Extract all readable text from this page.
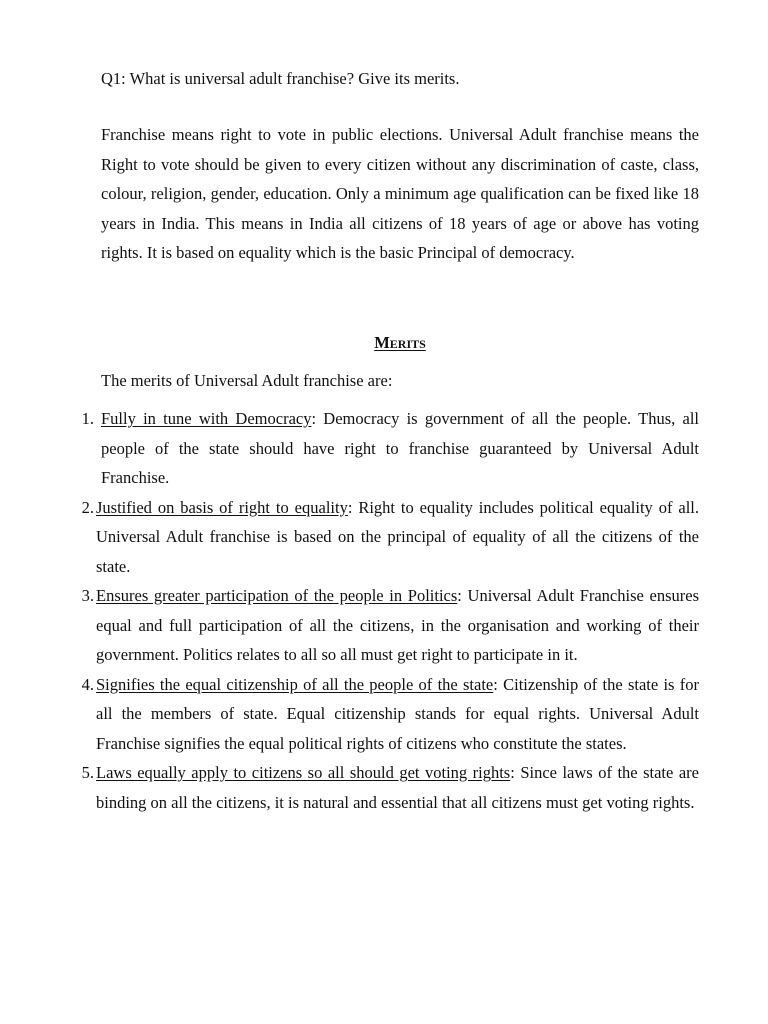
Q1: What is universal adult franchise? Give its merits.

Franchise means right to vote in public elections. Universal Adult franchise means the Right to vote should be given to every citizen without any discrimination of caste, class, colour, religion, gender, education. Only a minimum age qualification can be fixed like 18 years in India. This means in India all citizens of 18 years of age or above has voting rights. It is based on equality which is the basic Principal of democracy.

Merits

The merits of Universal Adult franchise are:

1. Fully in tune with Democracy: Democracy is government of all the people. Thus, all people of the state should have right to franchise guaranteed by Universal Adult Franchise.
2. Justified on basis of right to equality: Right to equality includes political equality of all. Universal Adult franchise is based on the principal of equality of all the citizens of the state.
3. Ensures greater participation of the people in Politics: Universal Adult Franchise ensures equal and full participation of all the citizens, in the organisation and working of their government. Politics relates to all so all must get right to participate in it.
4. Signifies the equal citizenship of all the people of the state: Citizenship of the state is for all the members of state. Equal citizenship stands for equal rights. Universal Adult Franchise signifies the equal political rights of citizens who constitute the states.
5. Laws equally apply to citizens so all should get voting rights: Since laws of the state are binding on all the citizens, it is natural and essential that all citizens must get voting rights.
